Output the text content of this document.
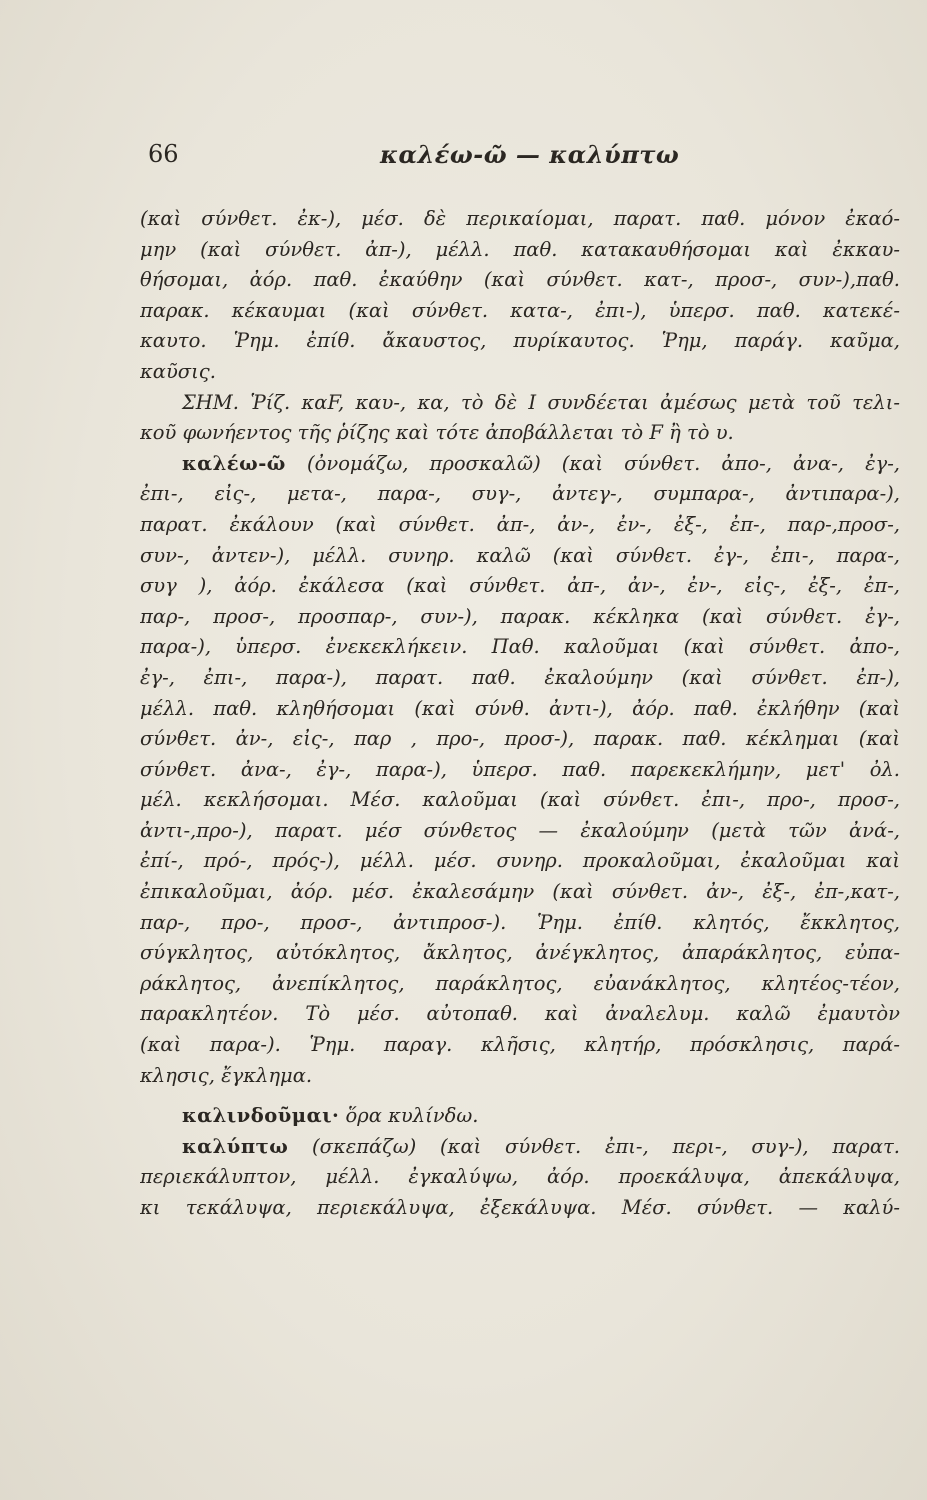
66	καλέω-ῶ — καλύπτω

(καὶ σύνθετ. ἐκ-), μέσ. δὲ περικαίομαι, παρατ. παθ. μόνον ἐκαό-

μην (καὶ σύνθετ. ἀπ-), μέλλ. παθ. κατακαυθήσομαι καὶ ἐκκαυ-

θήσομαι, ἀόρ. παθ. ἐκαύθην (καὶ σύνθετ. κατ-, προσ-, συν-),παθ.

παρακ. κέκαυμαι (καὶ σύνθετ. κατα-, ἐπι-), ὑπερσ. παθ. κατεκέ-

καυτο. Ῥημ. ἐπίθ. ἄκαυστος, πυρίκαυτος. Ῥημ, παράγ. καῦμα,

καῦσις.

ΣΗΜ. Ῥίζ. καF, καυ-, κα, τὸ δὲ Ι συνδέεται ἀμέσως μετὰ τοῦ τελι-

κοῦ φωνήεντος τῆς ῥίζης καὶ τότε ἀποβάλλεται τὸ F ἢ τὸ υ.

καλέω-ῶ (ὀνομάζω, προσκαλῶ) (καὶ σύνθετ. ἀπο-, ἀνα-, ἐγ-,

ἐπι-, εἰς-, μετα-, παρα-, συγ-, ἀντεγ-, συμπαρα-, ἀντιπαρα-),

παρατ. ἐκάλουν (καὶ σύνθετ. ἀπ-, ἀν-, ἐν-, ἐξ-, ἐπ-, παρ-,προσ-,

συν-, ἀντεν-), μέλλ. συνηρ. καλῶ (καὶ σύνθετ. ἐγ-, ἐπι-, παρα-,

συγ ), ἀόρ. ἐκάλεσα (καὶ σύνθετ. ἀπ-, ἀν-, ἐν-, εἰς-, ἐξ-, ἐπ-,

παρ-, προσ-, προσπαρ-, συν-), παρακ. κέκληκα (καὶ σύνθετ. ἐγ-,

παρα-), ὑπερσ. ἐνεκεκλήκειν. Παθ. καλοῦμαι (καὶ σύνθετ. ἀπο-,

ἐγ-, ἐπι-, παρα-), παρατ. παθ. ἐκαλούμην (καὶ σύνθετ. ἐπ-),

μέλλ. παθ. κληθήσομαι (καὶ σύνθ. ἀντι-), ἀόρ. παθ. ἐκλήθην (καὶ

σύνθετ. ἀν-, εἰς-, παρ , προ-, προσ-), παρακ. παθ. κέκλημαι (καὶ

σύνθετ. ἀνα-, ἐγ-, παρα-), ὑπερσ. παθ. παρεκεκλήμην, μετ' ὀλ.

μέλ. κεκλήσομαι. Μέσ. καλοῦμαι (καὶ σύνθετ. ἐπι-, προ-, προσ-,

ἀντι-,προ-), παρατ. μέσ σύνθετος — ἐκαλούμην (μετὰ τῶν ἀνά-,

ἐπί-, πρό-, πρός-), μέλλ. μέσ. συνηρ. προκαλοῦμαι, ἐκαλοῦμαι καὶ

ἐπικαλοῦμαι, ἀόρ. μέσ. ἐκαλεσάμην (καὶ σύνθετ. ἀν-, ἐξ-, ἐπ-,κατ-,

παρ-, προ-, προσ-, ἀντιπροσ-). Ῥημ. ἐπίθ. κλητός, ἔκκλητος,

σύγκλητος, αὐτόκλητος, ἄκλητος, ἀνέγκλητος, ἀπαράκλητος, εὐπα-

ράκλητος, ἀνεπίκλητος, παράκλητος, εὐανάκλητος, κλητέος-τέον,

παρακλητέον. Τὸ μέσ. αὐτοπαθ. καὶ ἀναλελυμ. καλῶ ἐμαυτὸν

(καὶ παρα-). Ῥημ. παραγ. κλῆσις, κλητήρ, πρόσκλησις, παρά-

κλησις, ἔγκλημα.

καλινδοῦμαι· ὅρα κυλίνδω.

καλύπτω (σκεπάζω) (καὶ σύνθετ. ἐπι-, περι-, συγ-), παρατ.

περιεκάλυπτον, μέλλ. ἐγκαλύψω, ἀόρ. προεκάλυψα, ἀπεκάλυψα,

κι τεκάλυψα, περιεκάλυψα, ἐξεκάλυψα. Μέσ. σύνθετ. — καλύ-
